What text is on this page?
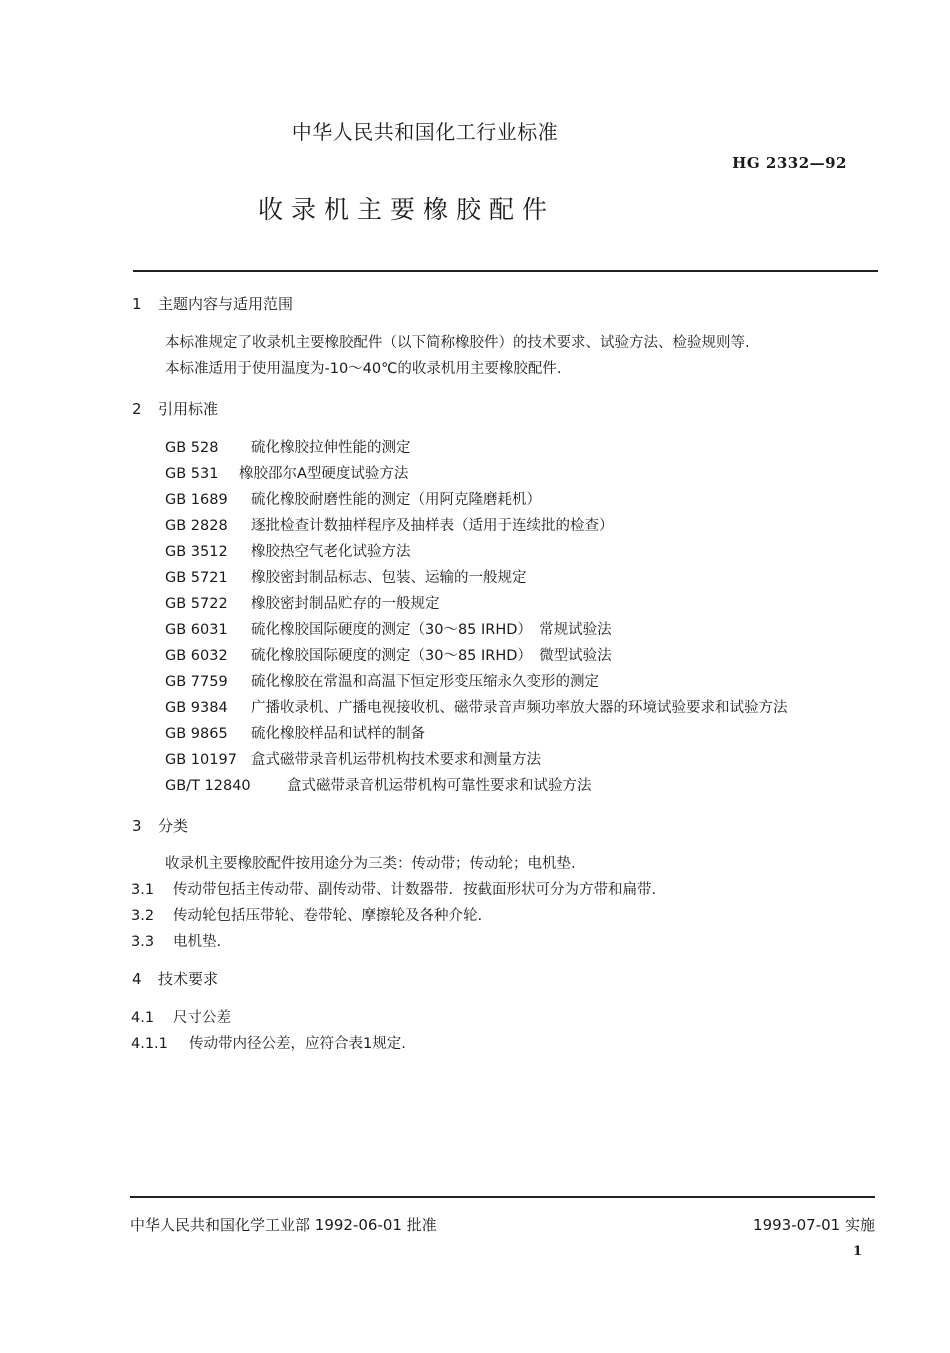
中华人民共和国化工行业标准
HG 2332—92
收录机主要橡胶配件
1 主题内容与适用范围
本标准规定了收录机主要橡胶配件（以下简称橡胶件）的技术要求、试验方法、检验规则等.
本标准适用于使用温度为-10～40℃的收录机用主要橡胶配件.
2 引用标准
GB 528 硫化橡胶拉伸性能的测定
GB 531 橡胶邵尔A型硬度试验方法
GB 1689 硫化橡胶耐磨性能的测定（用阿克隆磨耗机）
GB 2828 逐批检查计数抽样程序及抽样表（适用于连续批的检查）
GB 3512 橡胶热空气老化试验方法
GB 5721 橡胶密封制品标志、包装、运输的一般规定
GB 5722 橡胶密封制品贮存的一般规定
GB 6031 硫化橡胶国际硬度的测定（30～85 IRHD）　常规试验法
GB 6032 硫化橡胶国际硬度的测定（30～85 IRHD）　微型试验法
GB 7759 硫化橡胶在常温和高温下恒定形变压缩永久变形的测定
GB 9384 广播收录机、广播电视接收机、磁带录音声频功率放大器的环境试验要求和试验方法
GB 9865 硫化橡胶样品和试样的制备
GB 10197 盒式磁带录音机运带机构技术要求和测量方法
GB/T 12840	盒式磁带录音机运带机构可靠性要求和试验方法
3 分类
收录机主要橡胶配件按用途分为三类：传动带；传动轮；电机垫.
3.1 传动带包括主传动带、副传动带、计数器带．按截面形状可分为方带和扁带.
3.2 传动轮包括压带轮、卷带轮、摩擦轮及各种介轮.
3.3 电机垫.
4 技术要求
4.1 尺寸公差
4.1.1 传动带内径公差，应符合表1规定.
中华人民共和国化学工业部 1992-06-01 批准	1993-07-01 实施
1
